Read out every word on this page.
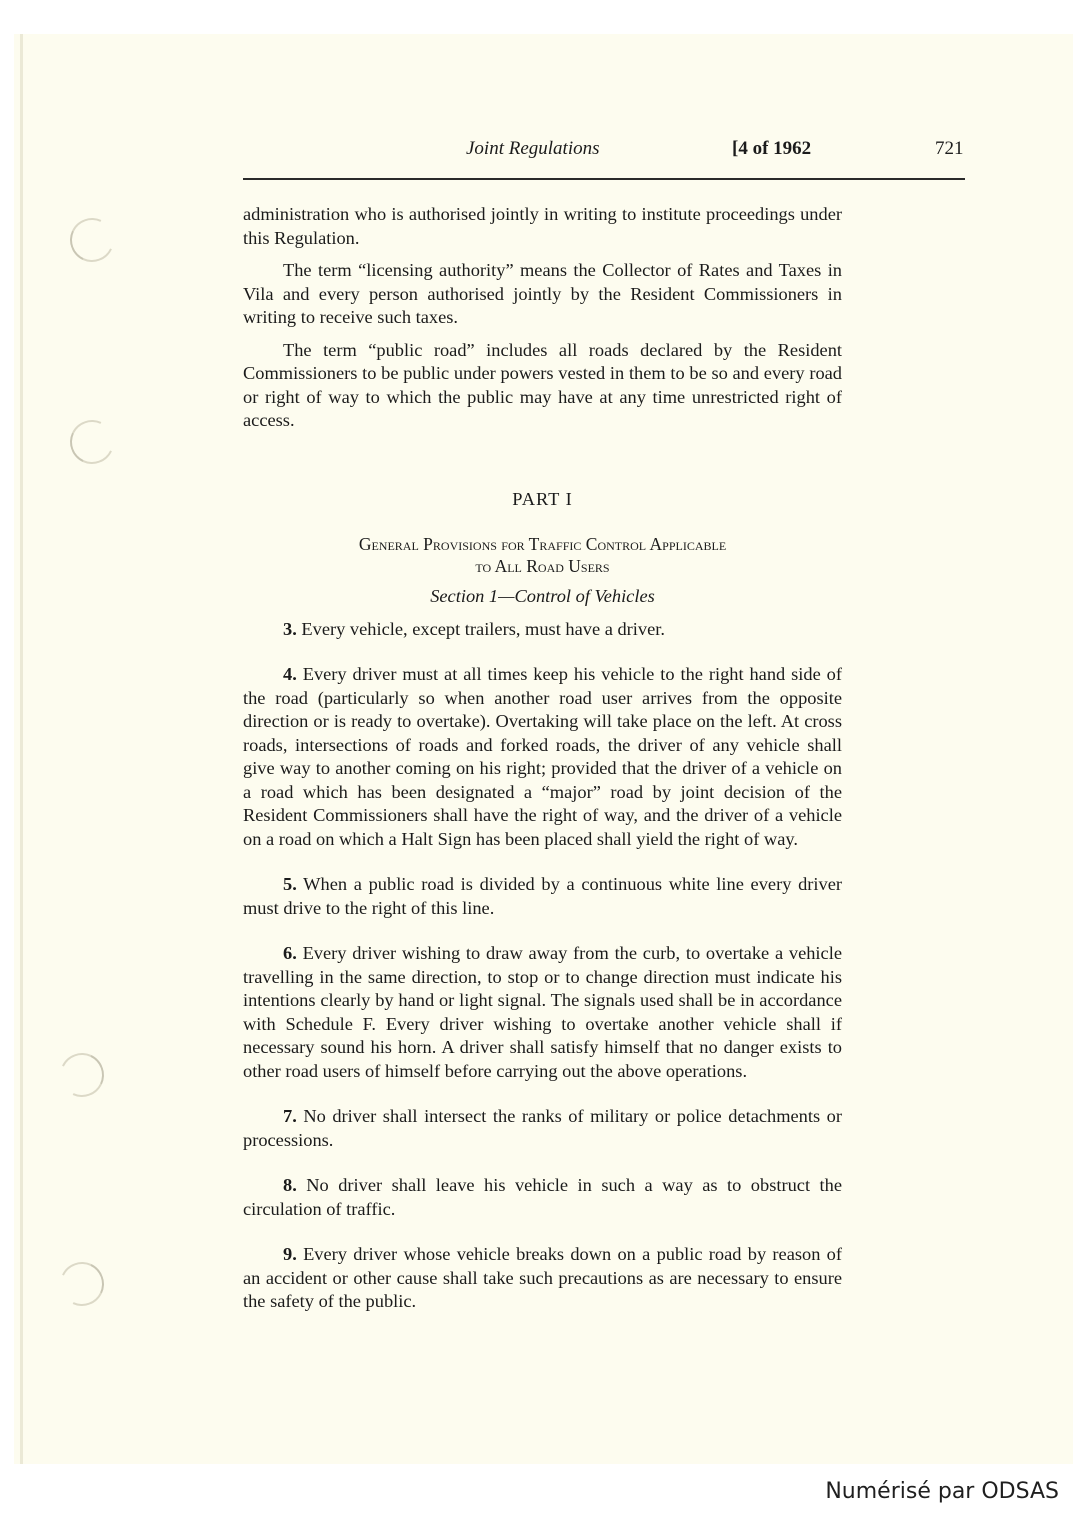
Joint Regulations	[4 of 1962	721

administration who is authorised jointly in writing to institute proceedings under this Regulation.

The term “licensing authority” means the Collector of Rates and Taxes in Vila and every person authorised jointly by the Resident Commissioners in writing to receive such taxes.

The term “public road” includes all roads declared by the Resident Commissioners to be public under powers vested in them to be so and every road or right of way to which the public may have at any time unrestricted right of access.

PART I

General Provisions for Traffic Control Applicable

to All Road Users

Section 1—Control of Vehicles

3. Every vehicle, except trailers, must have a driver.

4. Every driver must at all times keep his vehicle to the right hand side of the road (particularly so when another road user arrives from the opposite direction or is ready to overtake). Overtaking will take place on the left. At cross roads, intersections of roads and forked roads, the driver of any vehicle shall give way to another coming on his right; provided that the driver of a vehicle on a road which has been designated a “major” road by joint decision of the Resident Commissioners shall have the right of way, and the driver of a vehicle on a road on which a Halt Sign has been placed shall yield the right of way.

5. When a public road is divided by a continuous white line every driver must drive to the right of this line.

6. Every driver wishing to draw away from the curb, to overtake a vehicle travelling in the same direction, to stop or to change direction must indicate his intentions clearly by hand or light signal. The signals used shall be in accordance with Schedule F. Every driver wishing to overtake another vehicle shall if necessary sound his horn. A driver shall satisfy himself that no danger exists to other road users of himself before carrying out the above operations.

7. No driver shall intersect the ranks of military or police detachments or processions.

8. No driver shall leave his vehicle in such a way as to obstruct the circulation of traffic.

9. Every driver whose vehicle breaks down on a public road by reason of an accident or other cause shall take such precautions as are necessary to ensure the safety of the public.

Numérisé par ODSAS
